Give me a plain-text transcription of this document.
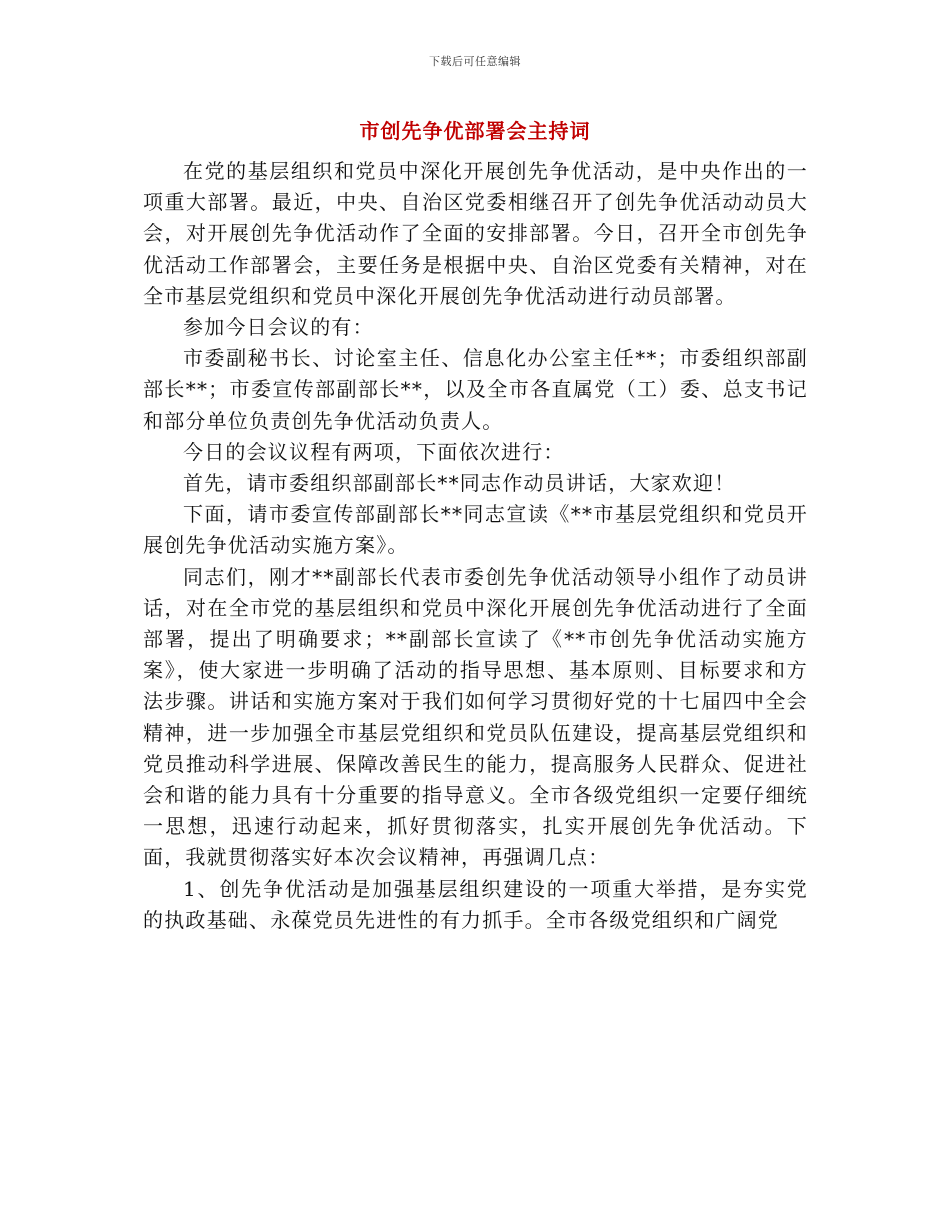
下载后可任意编辑
市创先争优部署会主持词

在党的基层组织和党员中深化开展创先争优活动，是中央作出的一项重大部署。最近，中央、自治区党委相继召开了创先争优活动动员大会，对开展创先争优活动作了全面的安排部署。今日，召开全市创先争优活动工作部署会，主要任务是根据中央、自治区党委有关精神，对在全市基层党组织和党员中深化开展创先争优活动进行动员部署。

参加今日会议的有：

市委副秘书长、讨论室主任、信息化办公室主任**；市委组织部副部长**；市委宣传部副部长**，以及全市各直属党（工）委、总支书记和部分单位负责创先争优活动负责人。

今日的会议议程有两项，下面依次进行：

首先，请市委组织部副部长**同志作动员讲话，大家欢迎！

下面，请市委宣传部副部长**同志宣读《**市基层党组织和党员开展创先争优活动实施方案》。

同志们，刚才**副部长代表市委创先争优活动领导小组作了动员讲话，对在全市党的基层组织和党员中深化开展创先争优活动进行了全面部署，提出了明确要求；**副部长宣读了《**市创先争优活动实施方案》，使大家进一步明确了活动的指导思想、基本原则、目标要求和方法步骤。讲话和实施方案对于我们如何学习贯彻好党的十七届四中全会精神，进一步加强全市基层党组织和党员队伍建设，提高基层党组织和党员推动科学进展、保障改善民生的能力，提高服务人民群众、促进社会和谐的能力具有十分重要的指导意义。全市各级党组织一定要仔细统一思想，迅速行动起来，抓好贯彻落实，扎实开展创先争优活动。下面，我就贯彻落实好本次会议精神，再强调几点：

1、创先争优活动是加强基层组织建设的一项重大举措，是夯实党的执政基础、永葆党员先进性的有力抓手。全市各级党组织和广阔党
